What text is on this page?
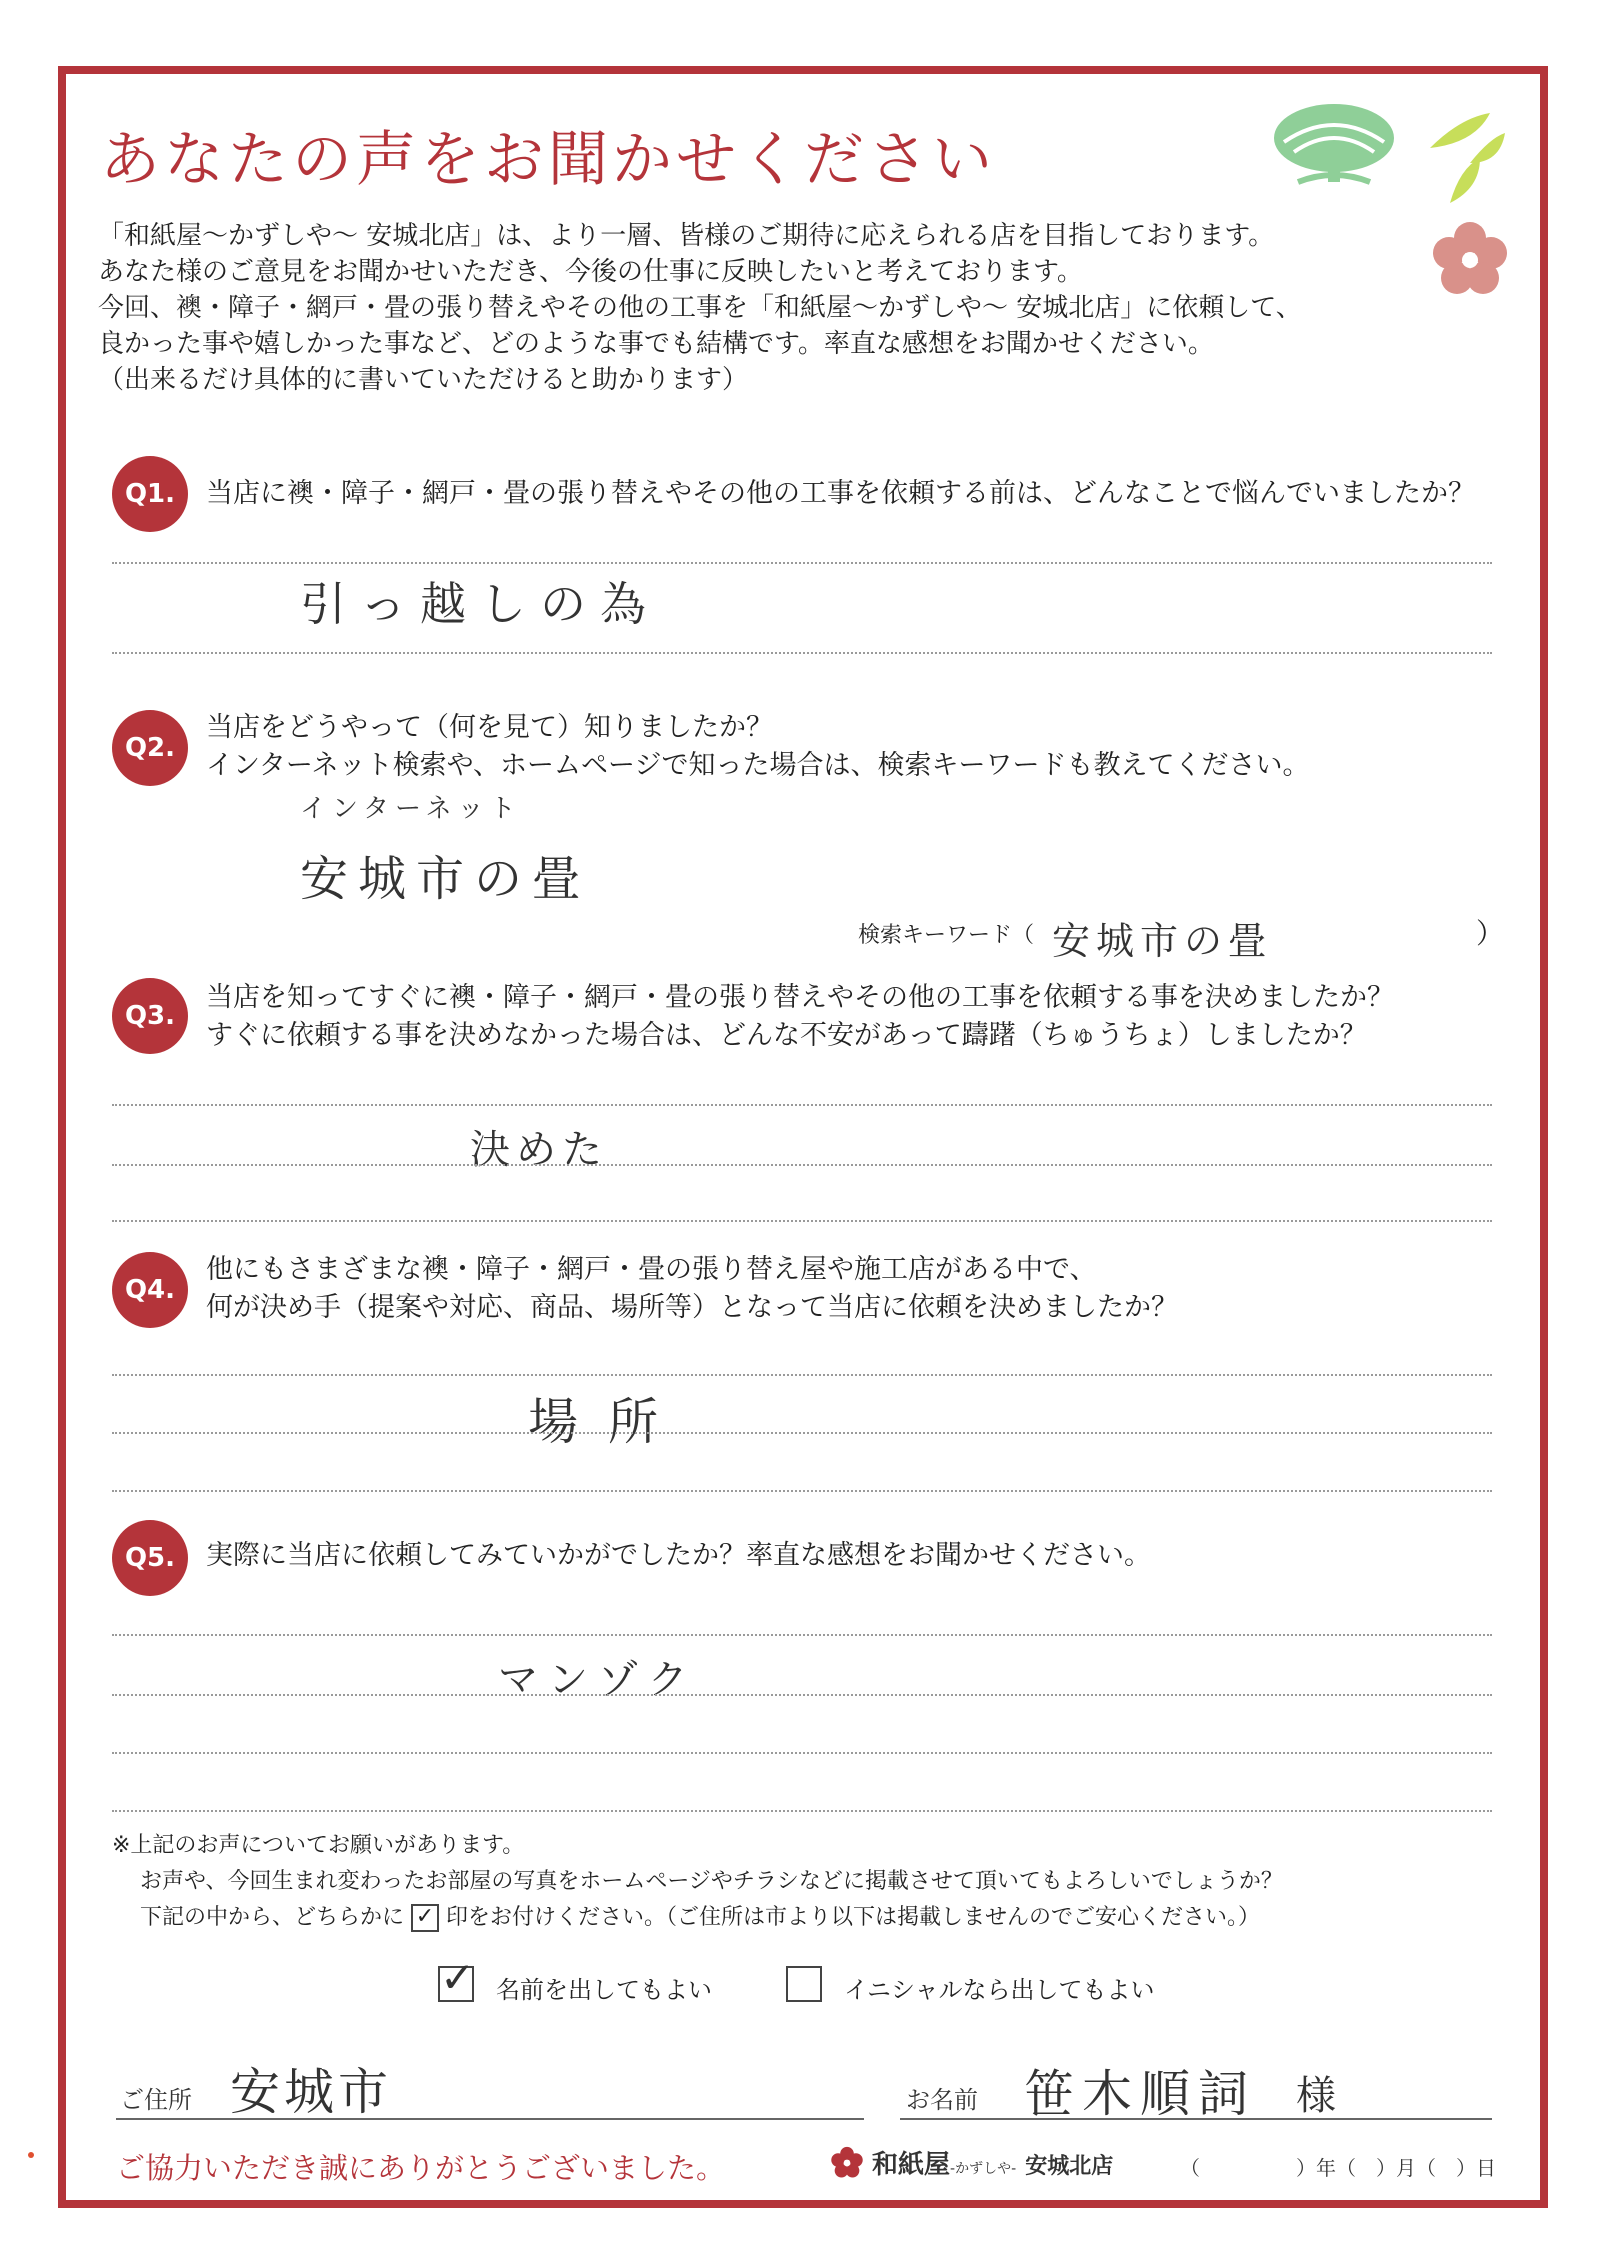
あなたの声をお聞かせください
「和紙屋～かずしや～ 安城北店」は、より一層、皆様のご期待に応えられる店を目指しております。
あなた様のご意見をお聞かせいただき、今後の仕事に反映したいと考えております。
今回、襖・障子・網戸・畳の張り替えやその他の工事を「和紙屋～かずしや～ 安城北店」に依頼して、
良かった事や嬉しかった事など、どのような事でも結構です。率直な感想をお聞かせください。
（出来るだけ具体的に書いていただけると助かります）
Q1.	当店に襖・障子・網戸・畳の張り替えやその他の工事を依頼する前は、どんなことで悩んでいましたか？
引っ越しの為
Q2.
当店をどうやって（何を見て）知りましたか？
インターネット検索や、ホームページで知った場合は、検索キーワードも教えてください。
インターネット
安城市の畳
検索キーワード（ 安城市の畳	）
Q3.
当店を知ってすぐに襖・障子・網戸・畳の張り替えやその他の工事を依頼する事を決めましたか？
すぐに依頼する事を決めなかった場合は、どんな不安があって躊躇（ちゅうちょ）しましたか？
決めた
Q4.
他にもさまざまな襖・障子・網戸・畳の張り替え屋や施工店がある中で、
何が決め手（提案や対応、商品、場所等）となって当店に依頼を決めましたか？
場所
Q5.	実際に当店に依頼してみていかがでしたか？率直な感想をお聞かせください。
マンゾク
※上記のお声についてお願いがあります。
お声や、今回生まれ変わったお部屋の写真をホームページやチラシなどに掲載させて頂いてもよろしいでしょうか？
下記の中から、どちらかに ✓ 印をお付けください。（ご住所は市より以下は掲載しませんのでご安心ください。）
✓ 名前を出してもよい	イニシャルなら出してもよい
ご住所 安城市	お名前 笹木順詞 様
ご協力いただき誠にありがとうございました。	和紙屋-かずしや- 安城北店	（	）年（ ）月（ ）日
